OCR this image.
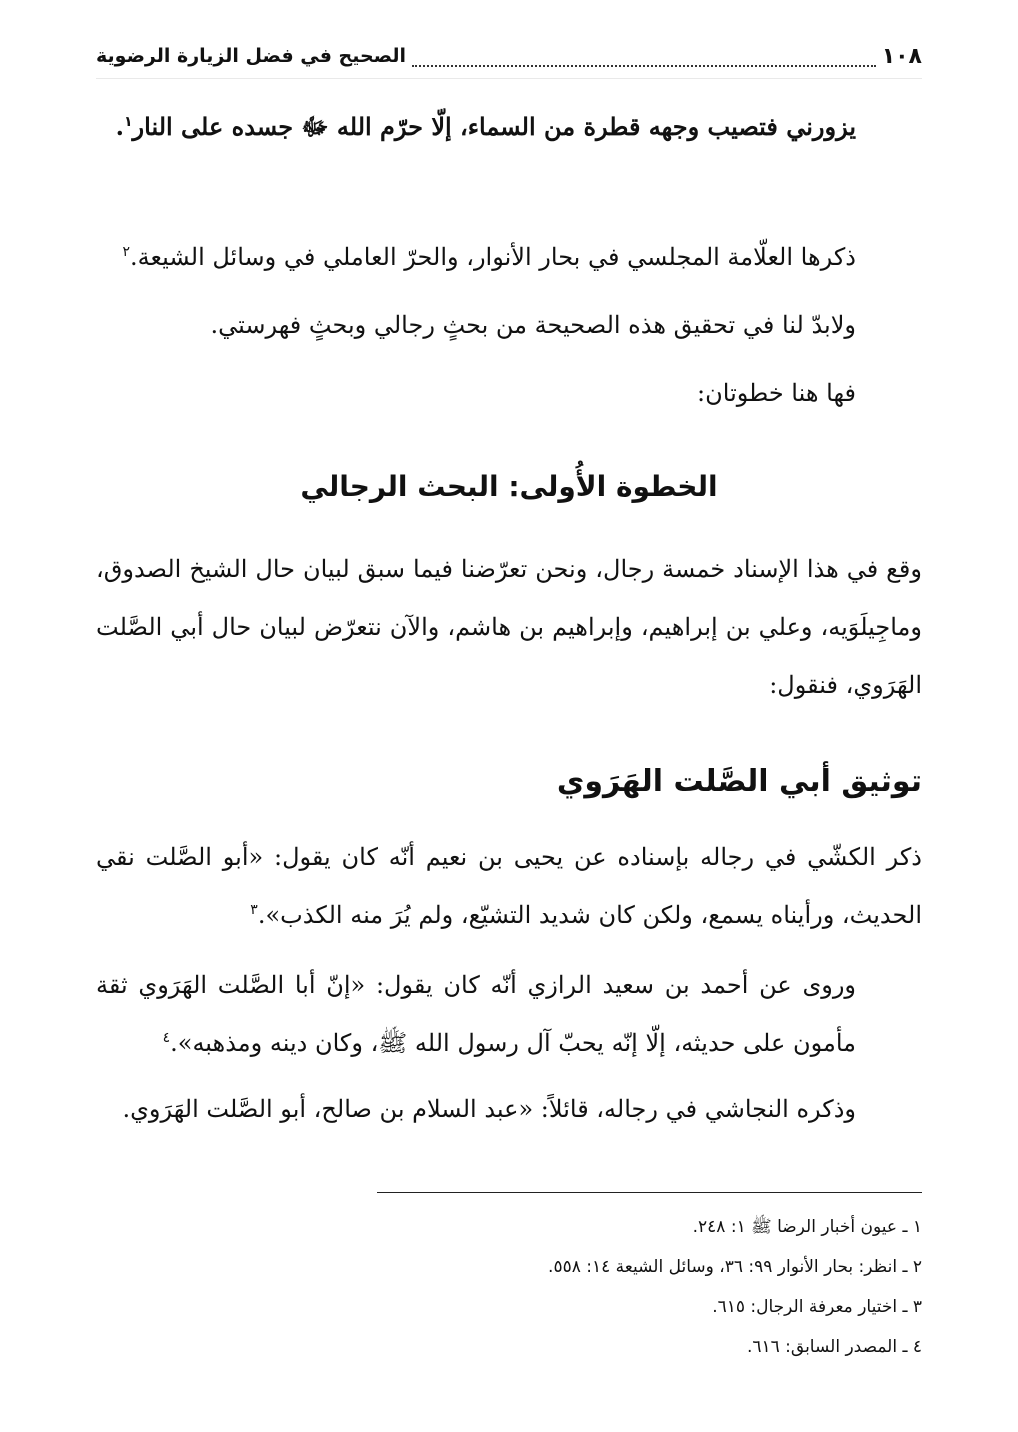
١٠٨
الصحيح في فضل الزيارة الرضوية
يزورني فتصيب وجهه قطرة من السماء، إلّا حرّم الله ﷻ جسده على النار$^١$.
ذكرها العلّامة المجلسي في بحار الأنوار، والحرّ العاملي في وسائل الشيعة.$^٢$
ولابدّ لنا في تحقيق هذه الصحيحة من بحثٍ رجالي وبحثٍ فهرستي.
فها هنا خطوتان:
الخطوة الأُولى: البحث الرجالي
وقع في هذا الإسناد خمسة رجال، ونحن تعرّضنا فيما سبق لبيان حال الشيخ الصدوق، وماجِيلَوَيه، وعلي بن إبراهيم، وإبراهيم بن هاشم، والآن نتعرّض لبيان حال أبي الصَّلت الهَرَوي، فنقول:
توثيق أبي الصَّلت الهَرَوي
ذكر الكشّي في رجاله بإسناده عن يحيى بن نعيم أنّه كان يقول: «أبو الصَّلت نقي الحديث، ورأيناه يسمع، ولكن كان شديد التشيّع، ولم يُرَ منه الكذب».$^٣$
وروى عن أحمد بن سعيد الرازي أنّه كان يقول: «إنّ أبا الصَّلت الهَرَوي ثقة مأمون على حديثه، إلّا إنّه يحبّ آل رسول الله ﷺ، وكان دينه ومذهبه».$^٤$
وذكره النجاشي في رجاله، قائلاً: «عبد السلام بن صالح، أبو الصَّلت الهَرَوي.
١ ـ عيون أخبار الرضا ﷺ ١: ٢٤٨.
٢ ـ انظر: بحار الأنوار ٩٩: ٣٦، وسائل الشيعة ١٤: ٥٥٨.
٣ ـ اختيار معرفة الرجال: ٦١٥.
٤ ـ المصدر السابق: ٦١٦.
